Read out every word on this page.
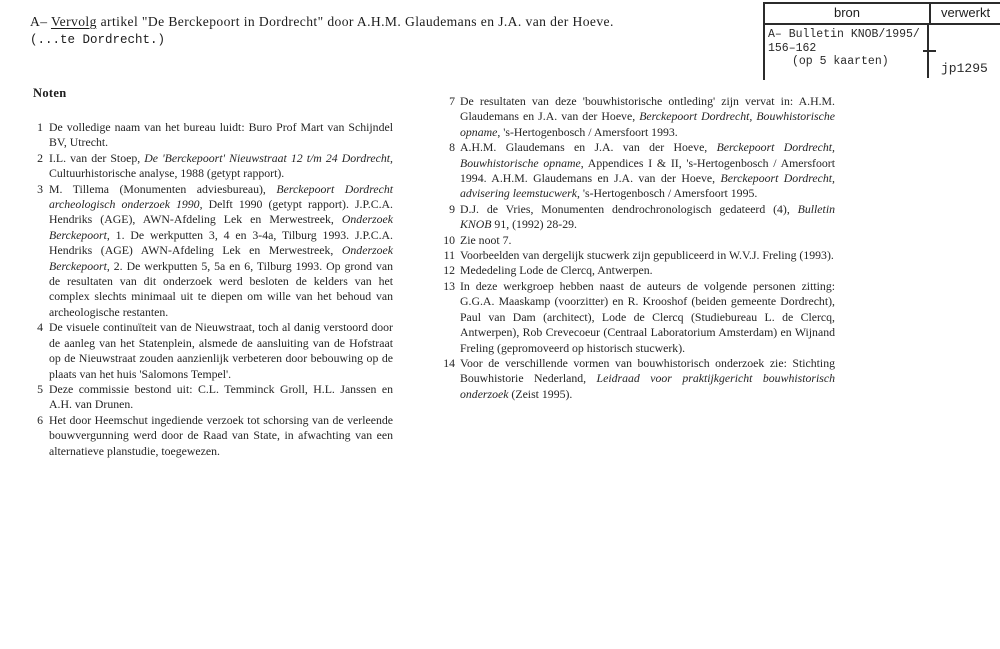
A– Vervolg artikel "De Berckepoort in Dordrecht" door A.H.M. Glaudemans en J.A. van der Hoeve.
(...te Dordrecht.)
bron	verwerkt
A– Bulletin KNOB/1995/
156–162
(op 5 kaarten)	jp1295
Noten
1 De volledige naam van het bureau luidt: Buro Prof Mart van Schijndel BV, Utrecht.
2 I.L. van der Stoep, De 'Berckepoort' Nieuwstraat 12 t/m 24 Dordrecht, Cultuurhistorische analyse, 1988 (getypt rapport).
3 M. Tillema (Monumenten adviesbureau), Berckepoort Dordrecht archeologisch onderzoek 1990, Delft 1990 (getypt rapport). J.P.C.A. Hendriks (AGE), AWN-Afdeling Lek en Merwestreek, Onderzoek Berckepoort, 1. De werkputten 3, 4 en 3-4a, Tilburg 1993. J.P.C.A. Hendriks (AGE) AWN-Afdeling Lek en Merwestreek, Onderzoek Berckepoort, 2. De werkputten 5, 5a en 6, Tilburg 1993. Op grond van de resultaten van dit onderzoek werd besloten de kelders van het complex slechts minimaal uit te diepen om wille van het behoud van archeologische restanten.
4 De visuele continuïteit van de Nieuwstraat, toch al danig verstoord door de aanleg van het Statenplein, alsmede de aansluiting van de Hofstraat op de Nieuwstraat zouden aanzienlijk verbeteren door bebouwing op de plaats van het huis 'Salomons Tempel'.
5 Deze commissie bestond uit: C.L. Temminck Groll, H.L. Janssen en A.H. van Drunen.
6 Het door Heemschut ingediende verzoek tot schorsing van de verleende bouwvergunning werd door de Raad van State, in afwachting van een alternatieve planstudie, toegewezen.
7 De resultaten van deze 'bouwhistorische ontleding' zijn vervat in: A.H.M. Glaudemans en J.A. van der Hoeve, Berckepoort Dordrecht, Bouwhistorische opname, 's-Hertogenbosch / Amersfoort 1993.
8 A.H.M. Glaudemans en J.A. van der Hoeve, Berckepoort Dordrecht, Bouwhistorische opname, Appendices I & II, 's-Hertogenbosch / Amersfoort 1994. A.H.M. Glaudemans en J.A. van der Hoeve, Berckepoort Dordrecht, advisering leemstucwerk, 's-Hertogenbosch / Amersfoort 1995.
9 D.J. de Vries, Monumenten dendrochronologisch gedateerd (4), Bulletin KNOB 91, (1992) 28-29.
10 Zie noot 7.
11 Voorbeelden van dergelijk stucwerk zijn gepubliceerd in W.V.J. Freling (1993).
12 Mededeling Lode de Clercq, Antwerpen.
13 In deze werkgroep hebben naast de auteurs de volgende personen zitting: G.G.A. Maaskamp (voorzitter) en R. Krooshof (beiden gemeente Dordrecht), Paul van Dam (architect), Lode de Clercq (Studiebureau L. de Clercq, Antwerpen), Rob Crevecoeur (Centraal Laboratorium Amsterdam) en Wijnand Freling (gepromoveerd op historisch stucwerk).
14 Voor de verschillende vormen van bouwhistorisch onderzoek zie: Stichting Bouwhistorie Nederland, Leidraad voor praktijkgericht bouwhistorisch onderzoek (Zeist 1995).
